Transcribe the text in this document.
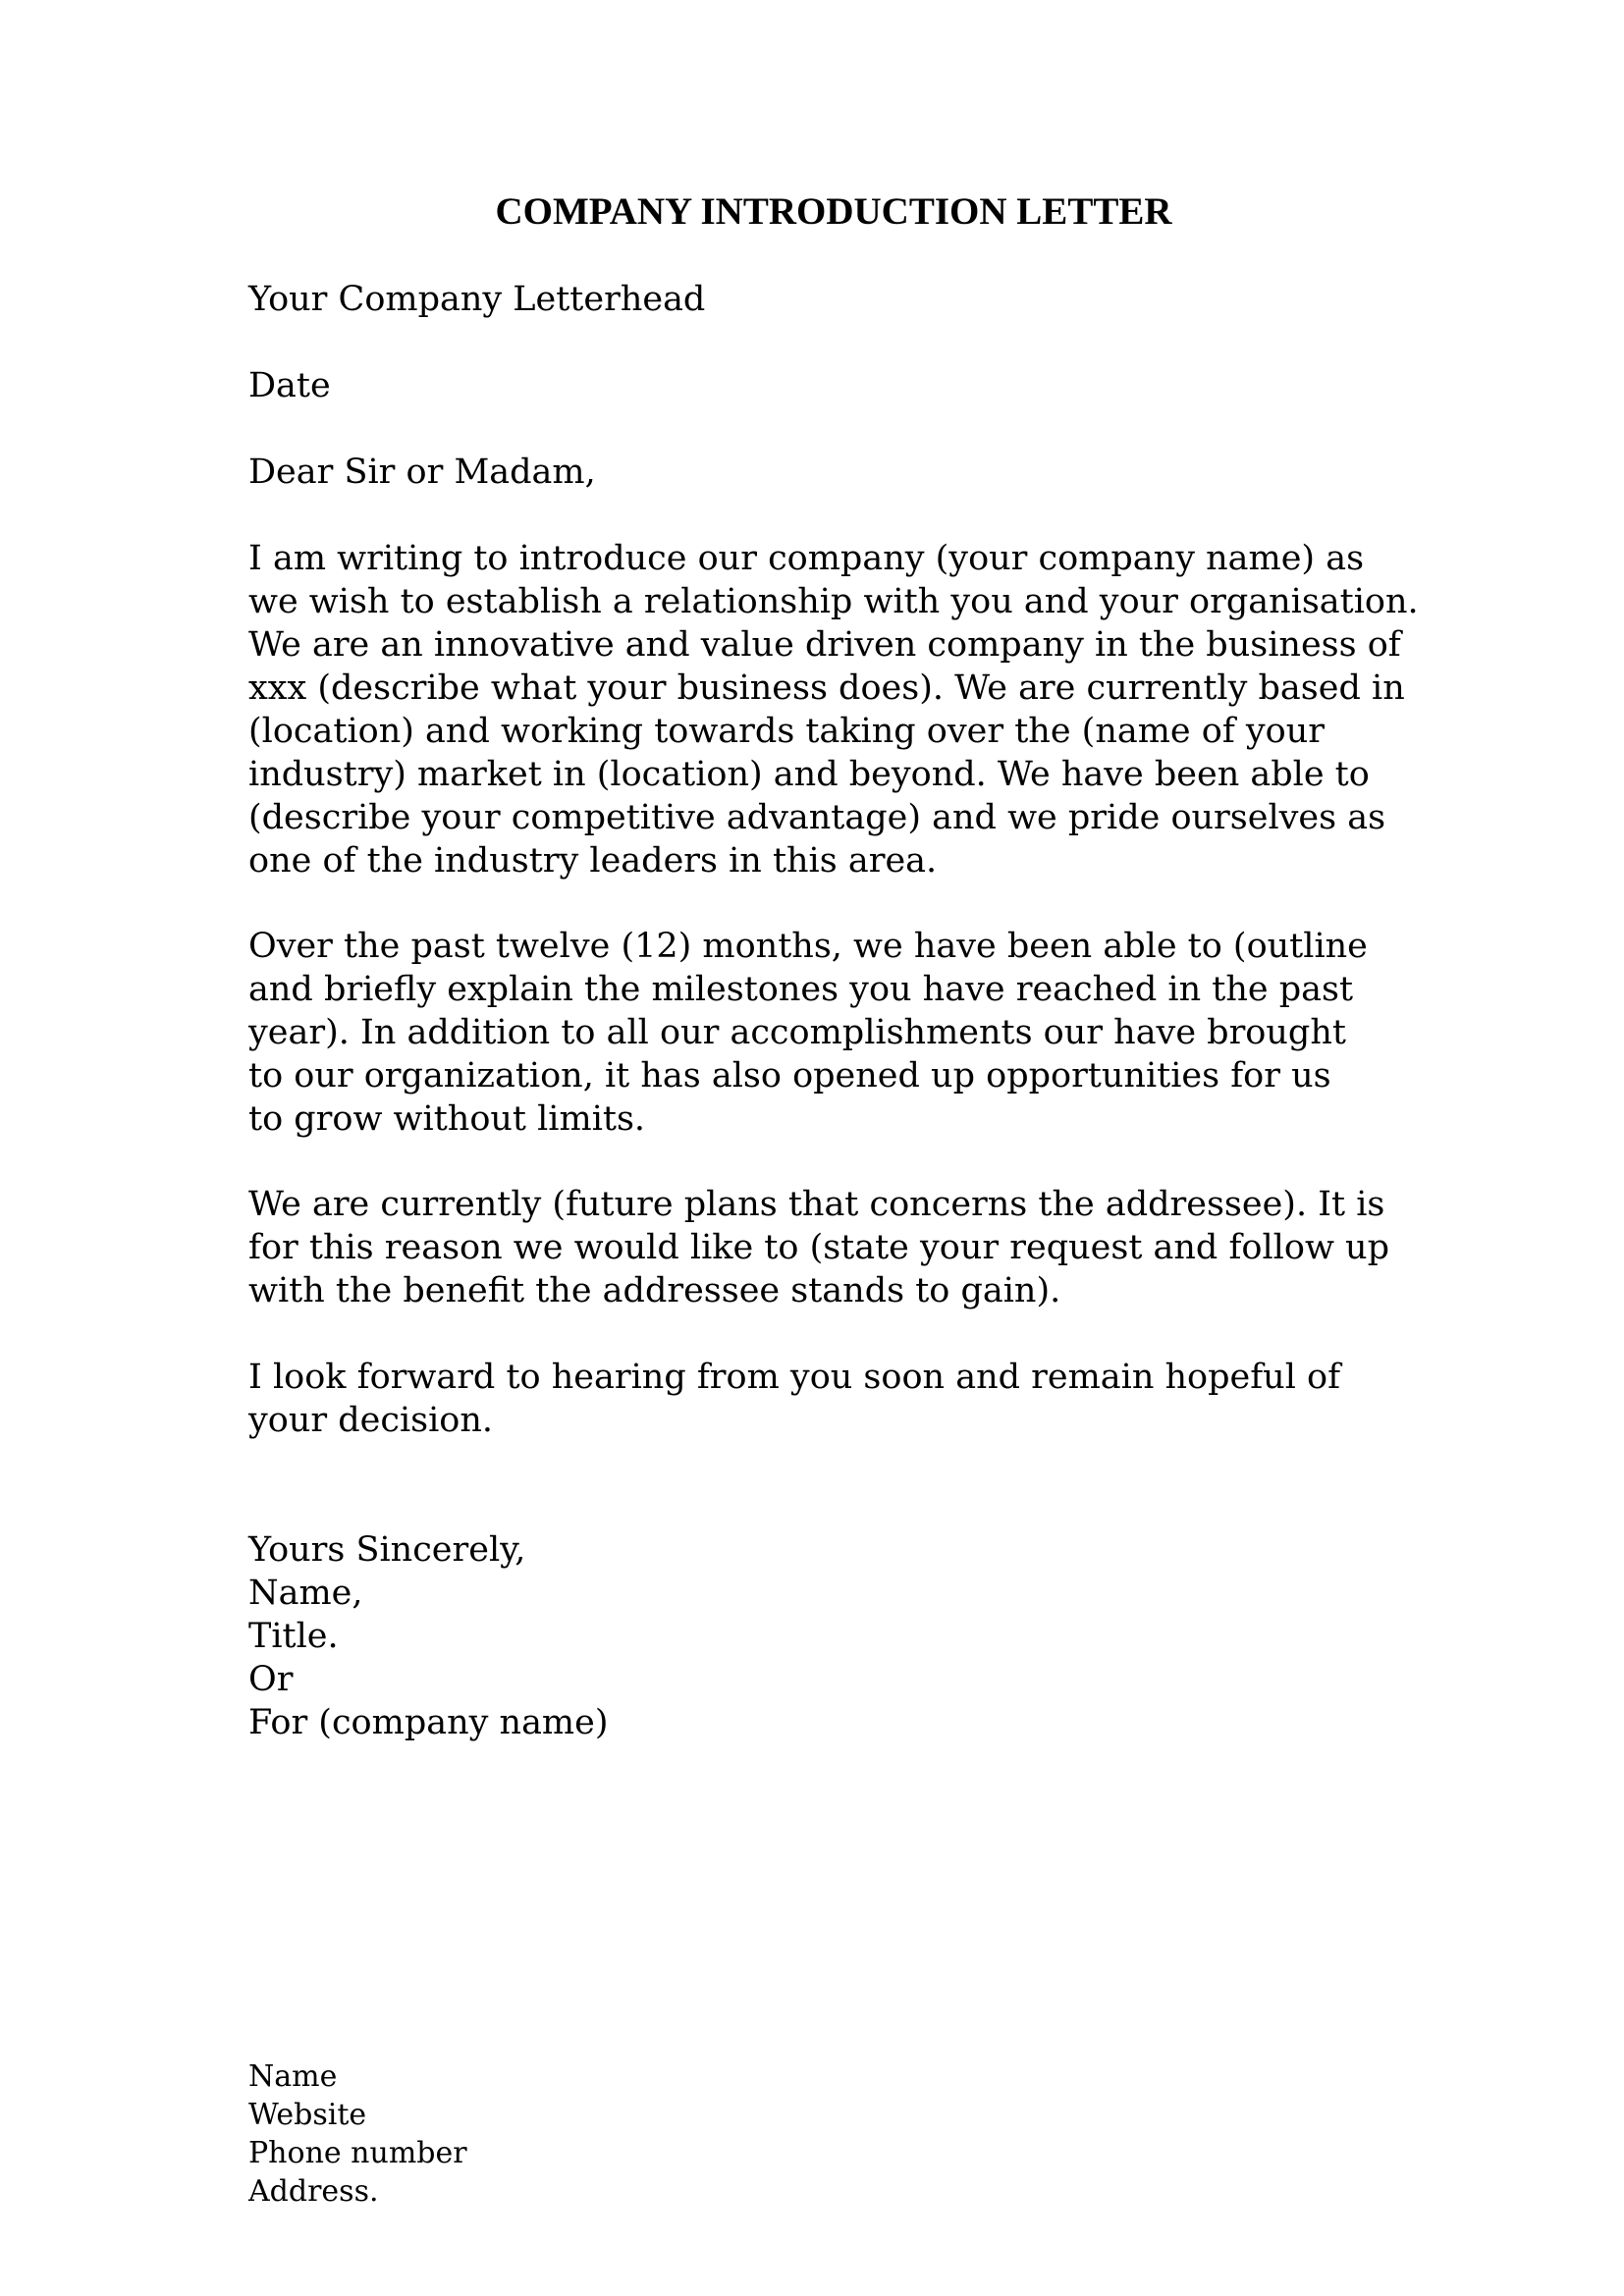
COMPANY INTRODUCTION LETTER

Your Company Letterhead

Date

Dear Sir or Madam,

I am writing to introduce our company (your company name) as
we wish to establish a relationship with you and your organisation.
We are an innovative and value driven company in the business of
xxx (describe what your business does). We are currently based in
(location) and working towards taking over the (name of your
industry) market in (location) and beyond. We have been able to
(describe your competitive advantage) and we pride ourselves as
one of the industry leaders in this area.

Over the past twelve (12) months, we have been able to (outline
and briefly explain the milestones you have reached in the past
year). In addition to all our accomplishments our have brought
to our organization, it has also opened up opportunities for us
to grow without limits.

We are currently (future plans that concerns the addressee). It is
for this reason we would like to (state your request and follow up
with the benefit the addressee stands to gain).

I look forward to hearing from you soon and remain hopeful of
your decision.

Yours Sincerely,
Name,
Title.
Or
For (company name)

Name
Website
Phone number
Address.
